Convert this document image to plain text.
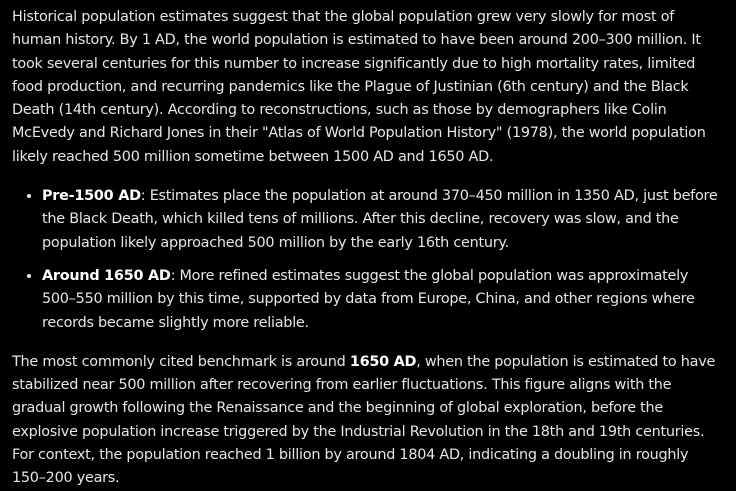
Historical population estimates suggest that the global population grew very slowly for most of human history. By 1 AD, the world population is estimated to have been around 200–300 million. It took several centuries for this number to increase significantly due to high mortality rates, limited food production, and recurring pandemics like the Plague of Justinian (6th century) and the Black Death (14th century). According to reconstructions, such as those by demographers like Colin McEvedy and Richard Jones in their "Atlas of World Population History" (1978), the world population likely reached 500 million sometime between 1500 AD and 1650 AD.

• Pre-1500 AD: Estimates place the population at around 370–450 million in 1350 AD, just before the Black Death, which killed tens of millions. After this decline, recovery was slow, and the population likely approached 500 million by the early 16th century.
• Around 1650 AD: More refined estimates suggest the global population was approximately 500–550 million by this time, supported by data from Europe, China, and other regions where records became slightly more reliable.

The most commonly cited benchmark is around 1650 AD, when the population is estimated to have stabilized near 500 million after recovering from earlier fluctuations. This figure aligns with the gradual growth following the Renaissance and the beginning of global exploration, before the explosive population increase triggered by the Industrial Revolution in the 18th and 19th centuries. For context, the population reached 1 billion by around 1804 AD, indicating a doubling in roughly 150–200 years.
